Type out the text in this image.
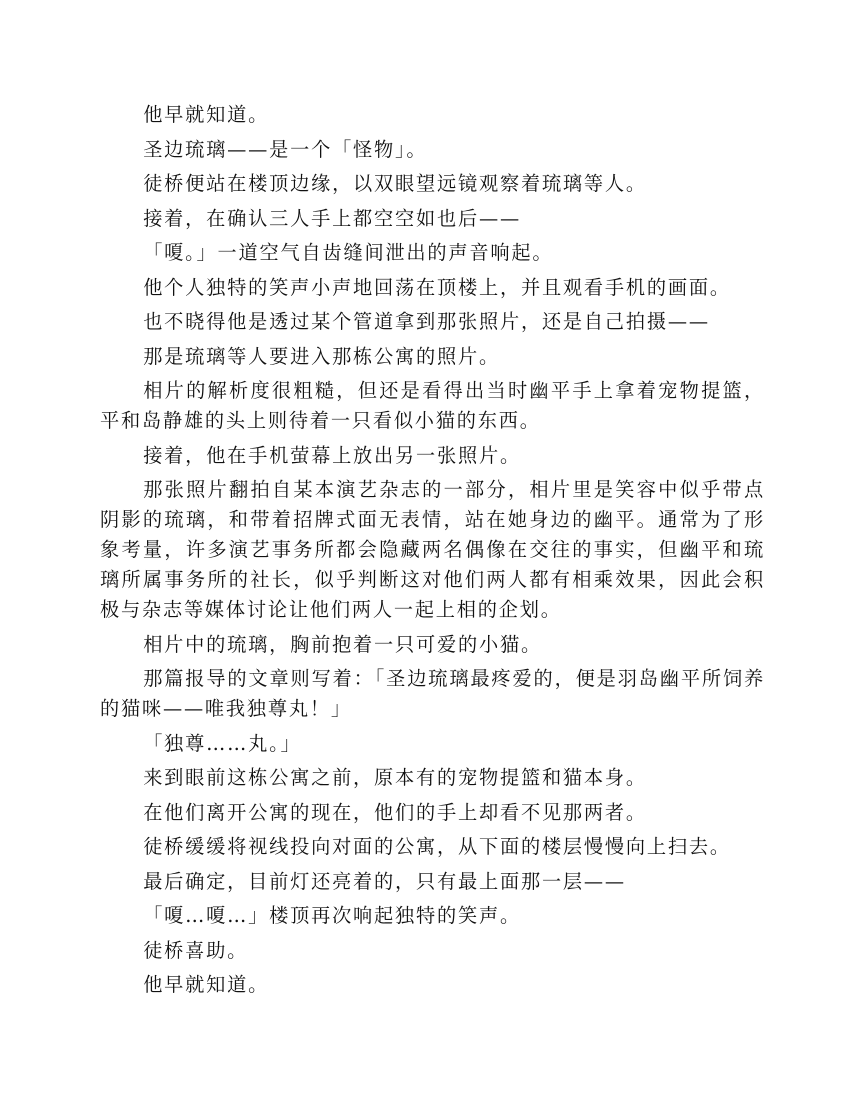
他早就知道。

圣边琉璃——是一个「怪物」。

徒桥便站在楼顶边缘，以双眼望远镜观察着琉璃等人。

接着，在确认三人手上都空空如也后——

「嗄。」一道空气自齿缝间泄出的声音响起。

他个人独特的笑声小声地回荡在顶楼上，并且观看手机的画面。

也不晓得他是透过某个管道拿到那张照片，还是自己拍摄——

那是琉璃等人要进入那栋公寓的照片。

相片的解析度很粗糙，但还是看得出当时幽平手上拿着宠物提篮，平和岛静雄的头上则待着一只看似小猫的东西。

接着，他在手机萤幕上放出另一张照片。

那张照片翻拍自某本演艺杂志的一部分，相片里是笑容中似乎带点阴影的琉璃，和带着招牌式面无表情，站在她身边的幽平。通常为了形象考量，许多演艺事务所都会隐藏两名偶像在交往的事实，但幽平和琉璃所属事务所的社长，似乎判断这对他们两人都有相乘效果，因此会积极与杂志等媒体讨论让他们两人一起上相的企划。

相片中的琉璃，胸前抱着一只可爱的小猫。

那篇报导的文章则写着：「圣边琉璃最疼爱的，便是羽岛幽平所饲养的猫咪——唯我独尊丸！」

「独尊……丸。」

来到眼前这栋公寓之前，原本有的宠物提篮和猫本身。

在他们离开公寓的现在，他们的手上却看不见那两者。

徒桥缓缓将视线投向对面的公寓，从下面的楼层慢慢向上扫去。

最后确定，目前灯还亮着的，只有最上面那一层——

「嗄…嗄…」楼顶再次响起独特的笑声。

徒桥喜助。

他早就知道。
